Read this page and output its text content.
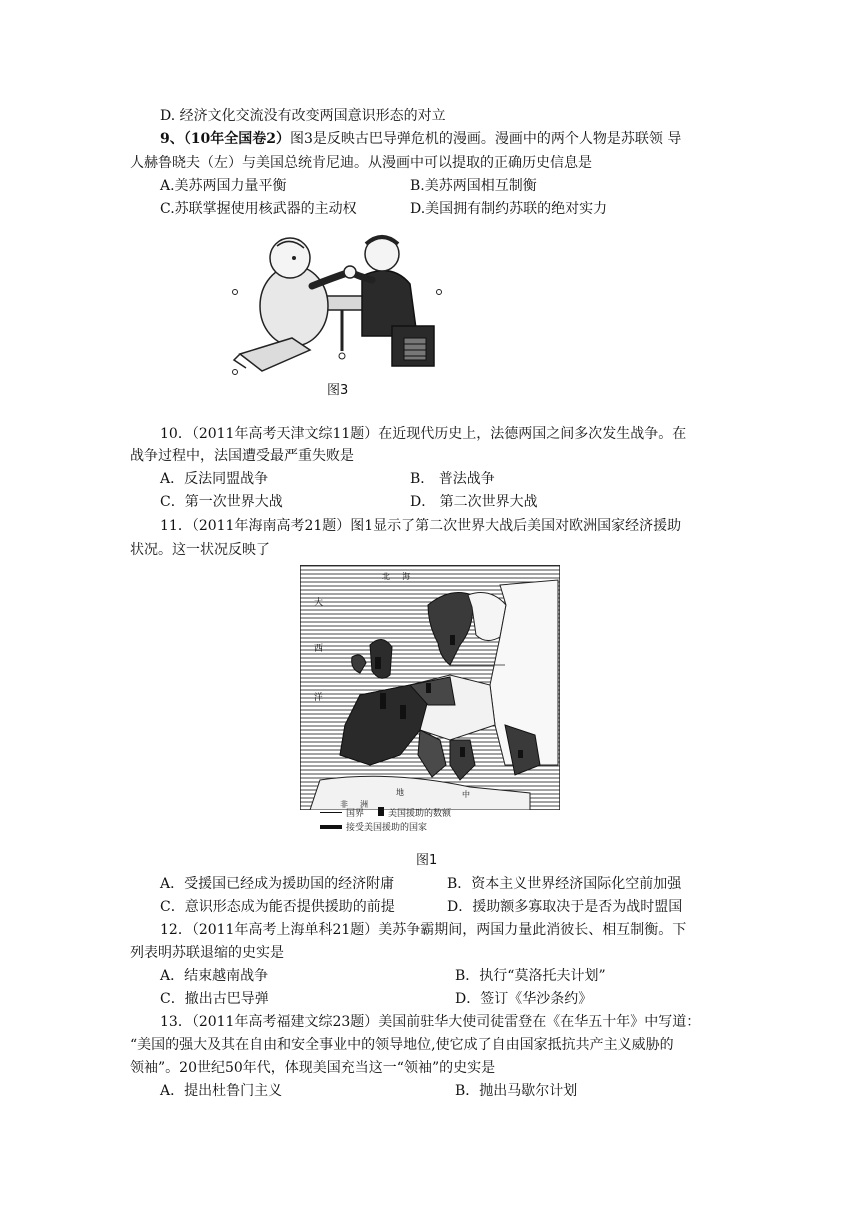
D. 经济文化交流没有改变两国意识形态的对立
9、（10年全国卷2）图3是反映古巴导弹危机的漫画。漫画中的两个人物是苏联领 导
人赫鲁晓夫（左）与美国总统肯尼迪。从漫画中可以提取的正确历史信息是
A.美苏两国力量平衡	B.美苏两国相互制衡
C.苏联掌握使用核武器的主动权	D.美国拥有制约苏联的绝对实力
图3
10．（2011年高考天津文综11题）在近现代历史上，法德两国之间多次发生战争。在
战争过程中，法国遭受最严重失败是
A．反法同盟战争	B． 普法战争
C．第一次世界大战	D． 第二次世界大战
11．（2011年海南高考21题）图1显示了第二次世界大战后美国对欧洲国家经济援助
状况。这一状况反映了
北 海
大
西
洋
地	中
非 洲
国界	美国援助的数额
接受美国援助的国家
图1
A．受援国已经成为援助国的经济附庸	B．资本主义世界经济国际化空前加强
C．意识形态成为能否提供援助的前提	D．援助额多寡取决于是否为战时盟国
12．（2011年高考上海单科21题）美苏争霸期间，两国力量此消彼长、相互制衡。下
列表明苏联退缩的史实是
A．结束越南战争	B．执行“莫洛托夫计划”
C．撤出古巴导弹	D．签订《华沙条约》
13．（2011年高考福建文综23题）美国前驻华大使司徒雷登在《在华五十年》中写道：
“美国的强大及其在自由和安全事业中的领导地位,使它成了自由国家抵抗共产主义威胁的
领袖”。20世纪50年代，体现美国充当这一“领袖”的史实是
A．提出杜鲁门主义	B．抛出马歇尔计划
